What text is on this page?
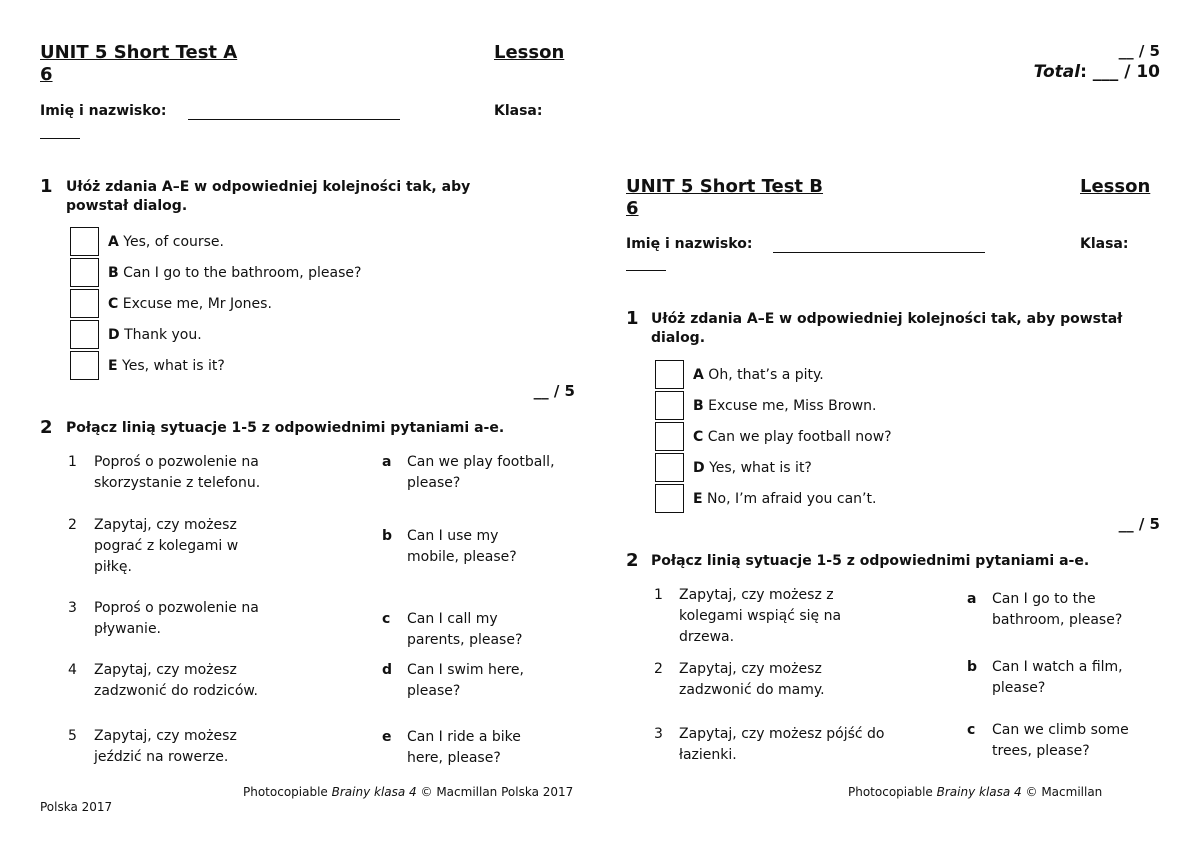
UNIT 5 Short Test A	Lesson
6
Imię i nazwisko:	Klasa:
1 Ułóż zdania A–E w odpowiedniej kolejności tak, aby powstał dialog.
A Yes, of course.
B Can I go to the bathroom, please?
C Excuse me, Mr Jones.
D Thank you.
E Yes, what is it?
__ / 5
2 Połącz linią sytuacje 1-5 z odpowiednimi pytaniami a-e.
1 Poproś o pozwolenie na skorzystanie z telefonu.
2 Zapytaj, czy możesz pograć z kolegami w piłkę.
3 Poproś o pozwolenie na pływanie.
4 Zapytaj, czy możesz zadzwonić do rodziców.
5 Zapytaj, czy możesz jeździć na rowerze.
a Can we play football, please?
b Can I use my mobile, please?
c Can I call my parents, please?
d Can I swim here, please?
e Can I ride a bike here, please?
__ / 5
Total: ___ / 10
Photocopiable Brainy klasa 4 © Macmillan Polska 2017
Polska 2017
UNIT 5 Short Test B	Lesson
6
Imię i nazwisko:	Klasa:
1 Ułóż zdania A–E w odpowiedniej kolejności tak, aby powstał dialog.
A Oh, that’s a pity.
B Excuse me, Miss Brown.
C Can we play football now?
D Yes, what is it?
E No, I’m afraid you can’t.
__ / 5
2 Połącz linią sytuacje 1-5 z odpowiednimi pytaniami a-e.
1 Zapytaj, czy możesz z kolegami wspiąć się na drzewa.
2 Zapytaj, czy możesz zadzwonić do mamy.
3 Zapytaj, czy możesz pójść do łazienki.
a Can I go to the bathroom, please?
b Can I watch a film, please?
c Can we climb some trees, please?
Photocopiable Brainy klasa 4 © Macmillan
